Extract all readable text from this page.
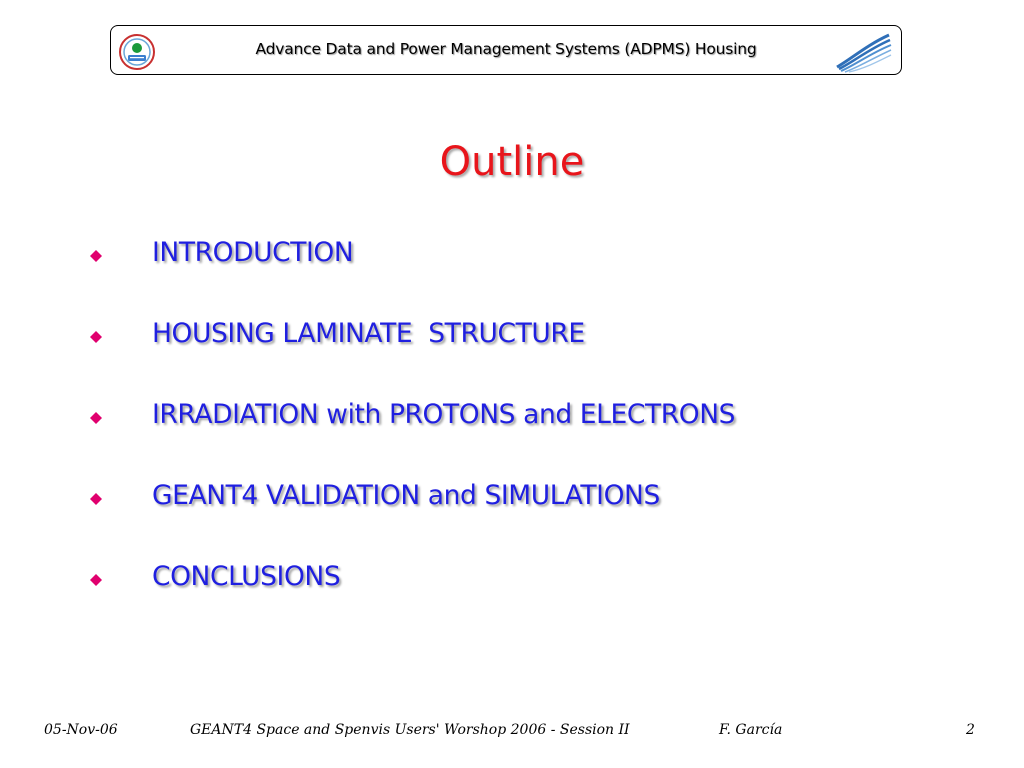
Advance Data and Power Management Systems (ADPMS) Housing
Outline
INTRODUCTION
HOUSING LAMINATE  STRUCTURE
IRRADIATION with PROTONS and ELECTRONS
GEANT4 VALIDATION and SIMULATIONS
CONCLUSIONS
05-Nov-06	GEANT4 Space and Spenvis Users' Worshop 2006 - Session II	F. García	2
